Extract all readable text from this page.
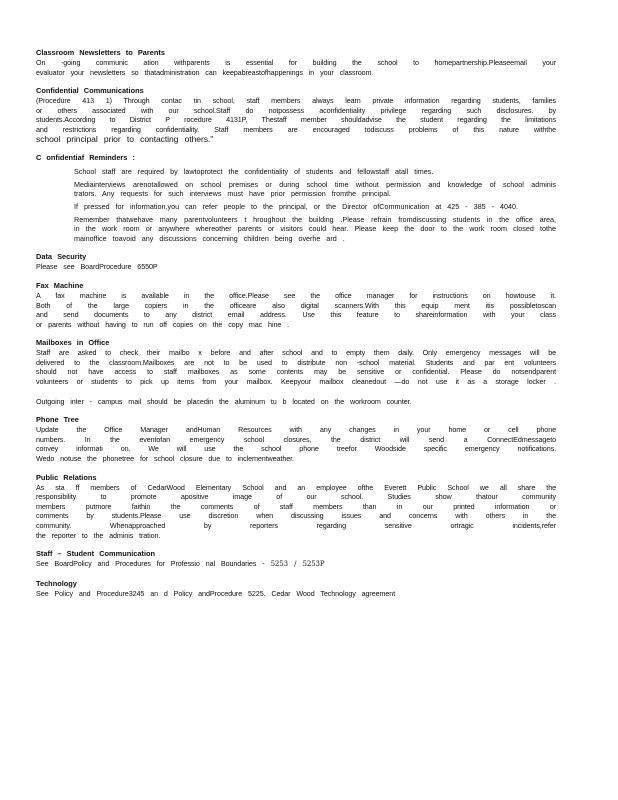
Classroom Newsletters to Parents

On -going communic ation withparents is essential for building the school to homepartnership.Pleaseemail your

evaluator your newsletters so thatadministration can keepabreastofhappenings in your classroom.

Confidential Communications

(Procedure 413 1) Through contac tin school, staff members always learn private information regarding students, families

or others associated with our school.Staff do notpossess aconfidentiality privilege regarding such disclosures. by

students.According to District P rocedure 4131P, Thestaff member shouldadvise the student regarding the limitations

and restrictions regarding confidentiality. Staff members are encouraged todiscuss problems of this nature withthe

school principal prior to contacting others."

C onfidentiaf Reminders :
School staff are required by lawtoprotect the confidentiality of students and fellowstaff atall times.
Mediainterviews arenotallowed on school premises or during school time without permission and knowledge of school adminis trators. Any requests for such interviews must have prior permission fromthe principal.
If pressed for information,you can refer people to the principal, or the Director ofCommunication at 425 - 385 - 4040.
Remember thatwehave many parentvolunteers t hroughout the building .Please refrain fromdiscussing students in the office area, in the work room or anywhere whereother parents or visitors could hear. Please keep the door to the work room closed tothe mainoffice toavoid any discussions concerning children being overhe ard .
Data Security

Please see BoardProcedure 6550P

Fax Machine

A fax machine is available in the office.Please see the office manager for instructions on howtouse it.

Both of the large copiers in the officeare also digital scanners.With this equip ment itis possibletoscan

and send documents to any district email address. Use this feature to shareinformation with your class

or parents without having to run off copies on the copy mac hine .

Mailboxes in Office

Staff are asked to check their mailbo x before and after school and to empty them daily. Only emergency messages will be

delivered to the classroom.Mailboxes are not to be used to distribute non -school material. Students and par ent volunteers

should not have access to staff mailboxes as some contents may be sensitive or confidential. Please do notsendparent

volunteers or students to pick up items from your mailbox. Keepyour mailbox cleanedout —do not use it as a storage locker .

Outgoing inter - campus mail should be placedin the aluminum tu b located on the workroom counter.

Phone Tree

Update the Office Manager andHuman Resources with any changes in your home or cell phone

numbers. In the eventofan emergency school closures, the district will send a ConnectEdmessageto

convey informati on. We will use the school phone treefor Woodside specific emergency notifications.

Wedo notuse the phonetree for school closure due to inclementweather.

Public Relations

As sta ff members of CedarWood Elementary School and an employee ofthe Everett Public School we all share the

responsibility to promote apositive image of our school. Studies show thatour community

members putmore faithin the comments of staff members than in our printed information or

comments by students.Please use discretion when discussing issues and concerns with others in the

community. Whenapproached by reporters regarding sensitive ortragic incidents,refer

the reporter to the adminis tration.

Staff – Student Communication

See BoardPolicy and Procedures for Professio nal Boundaries - 5253 / 5253P

Technology

See Policy and Procedure3245 an d Policy andProcedure 5225. Cedar Wood Technology agreement
